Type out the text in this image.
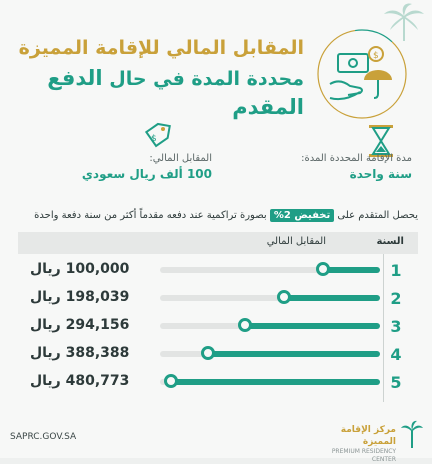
$
المقابل المالي للإقامة المميزة
محددة المدة في حال الدفع المقدم
مدة الإقامة المحددة المدة:
سنة واحدة
$
المقابل المالي:
100 ألف ريال سعودي
يحصل المتقدم على تخفيض 2% بصورة تراكمية عند دفعه مقدماً أكثر من سنة دفعة واحدة
السنة
المقابل المالي
100,000 ريال	1
198,039 ريال	2
294,156 ريال	3
388,388 ريال	4
480,773 ريال	5
SAPRC.GOV.SA
مركز الإقامة المميزة
PREMIUM RESIDENCY CENTER
